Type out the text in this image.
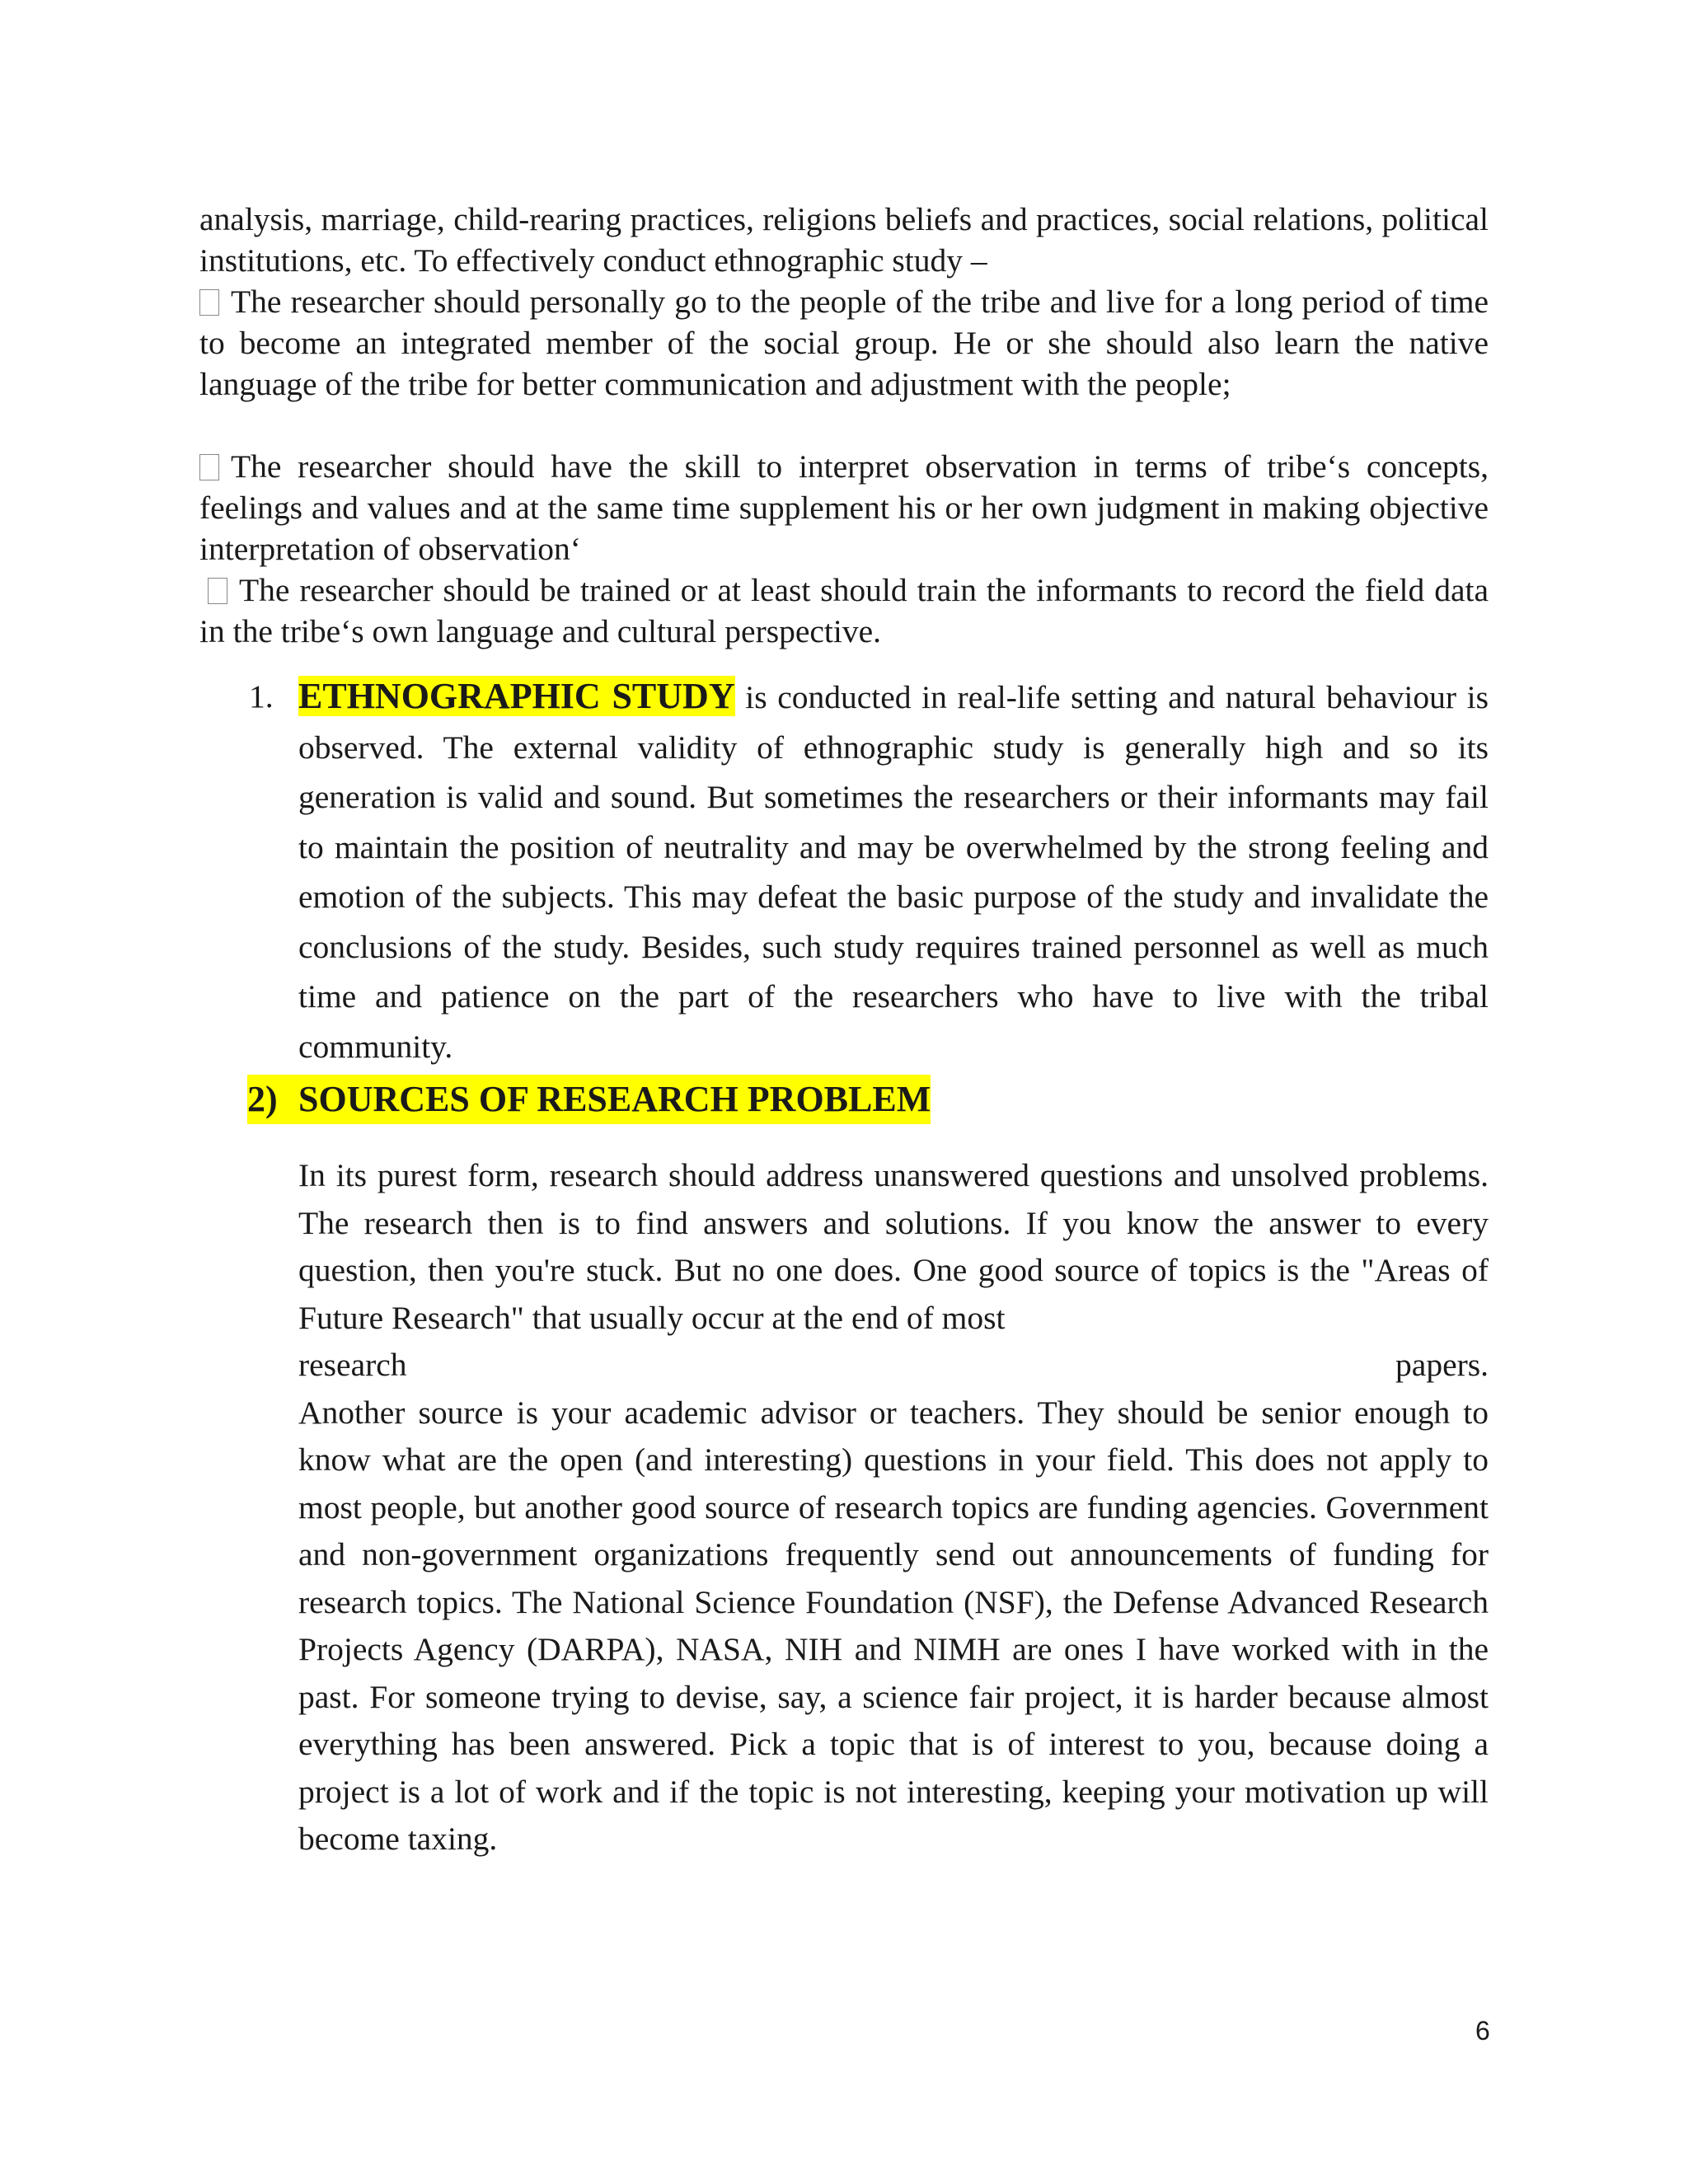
analysis, marriage, child-rearing practices, religions beliefs and practices, social relations, political institutions, etc. To effectively conduct ethnographic study –

The researcher should personally go to the people of the tribe and live for a long period of time to become an integrated member of the social group. He or she should also learn the native language of the tribe for better communication and adjustment with the people;

The researcher should have the skill to interpret observation in terms of tribe‘s concepts, feelings and values and at the same time supplement his or her own judgment in making objective interpretation of observation‘

The researcher should be trained or at least should train the informants to record the field data in the tribe‘s own language and cultural perspective.

1. ETHNOGRAPHIC STUDY is conducted in real-life setting and natural behaviour is observed. The external validity of ethnographic study is generally high and so its generation is valid and sound. But sometimes the researchers or their informants may fail to maintain the position of neutrality and may be overwhelmed by the strong feeling and emotion of the subjects. This may defeat the basic purpose of the study and invalidate the conclusions of the study. Besides, such study requires trained personnel as well as much time and patience on the part of the researchers who have to live with the tribal community.

2) SOURCES OF RESEARCH PROBLEM

In its purest form, research should address unanswered questions and unsolved problems. The research then is to find answers and solutions. If you know the answer to every question, then you're stuck. But no one does. One good source of topics is the "Areas of Future Research" that usually occur at the end of most

research	papers.

Another source is your academic advisor or teachers. They should be senior enough to know what are the open (and interesting) questions in your field. This does not apply to most people, but another good source of research topics are funding agencies. Government and non-government organizations frequently send out announcements of funding for research topics. The National Science Foundation (NSF), the Defense Advanced Research Projects Agency (DARPA), NASA, NIH and NIMH are ones I have worked with in the past. For someone trying to devise, say, a science fair project, it is harder because almost everything has been answered. Pick a topic that is of interest to you, because doing a project is a lot of work and if the topic is not interesting, keeping your motivation up will become taxing.

6
